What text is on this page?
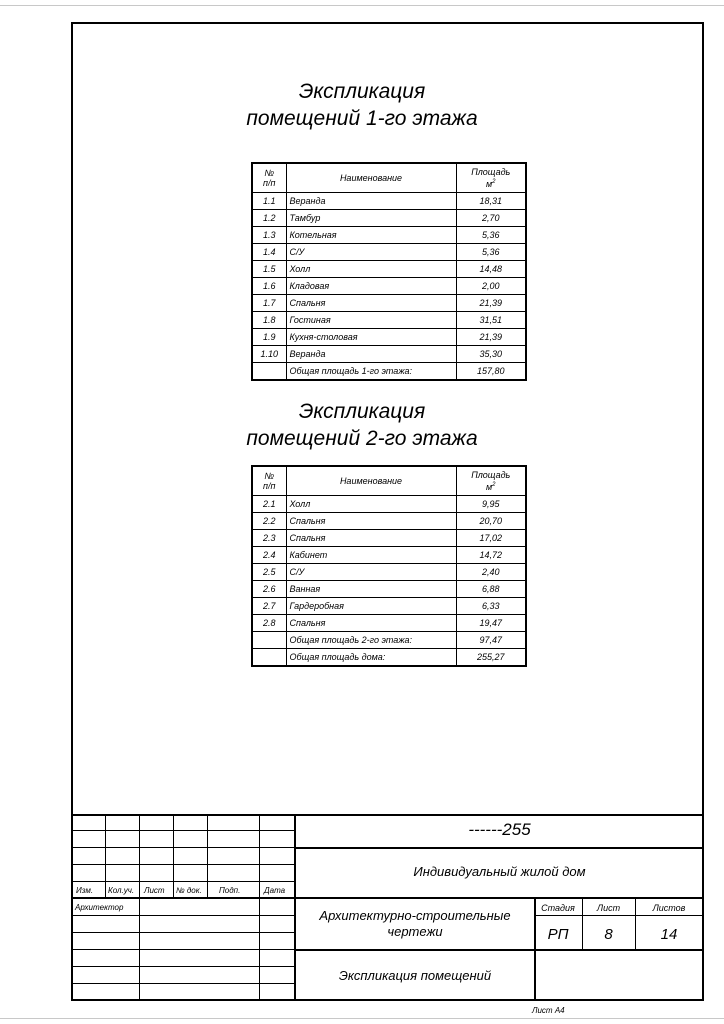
Экспликация
помещений 1-го этажа
№
п/п	Наименование	Площадь
$м^2$
1.1	Веранда	18,31
1.2	Тамбур	2,70
1.3	Котельная	5,36
1.4	С/У	5,36
1.5	Холл	14,48
1.6	Кладовая	2,00
1.7	Спальня	21,39
1.8	Гостиная	31,51
1.9	Кухня-столовая	21,39
1.10	Веранда	35,30
	Общая площадь 1-го этажа:	157,80
Экспликация
помещений 2-го этажа
№
п/п	Наименование	Площадь
$м^2$
2.1	Холл	9,95
2.2	Спальня	20,70
2.3	Спальня	17,02
2.4	Кабинет	14,72
2.5	С/У	2,40
2.6	Ванная	6,88
2.7	Гардеробная	6,33
2.8	Спальня	19,47
	Общая площадь 2-го этажа:	97,47
	Общая площадь дома:	255,27
Изм. Кол.уч. Лист № док. Подп.	Дата
Архитектор
------255
Индивидуальный жилой дом
Архитектурно-строительные чертежи
Экспликация помещений
Стадия	Лист	Листов
РП	8	14
Лист А4
